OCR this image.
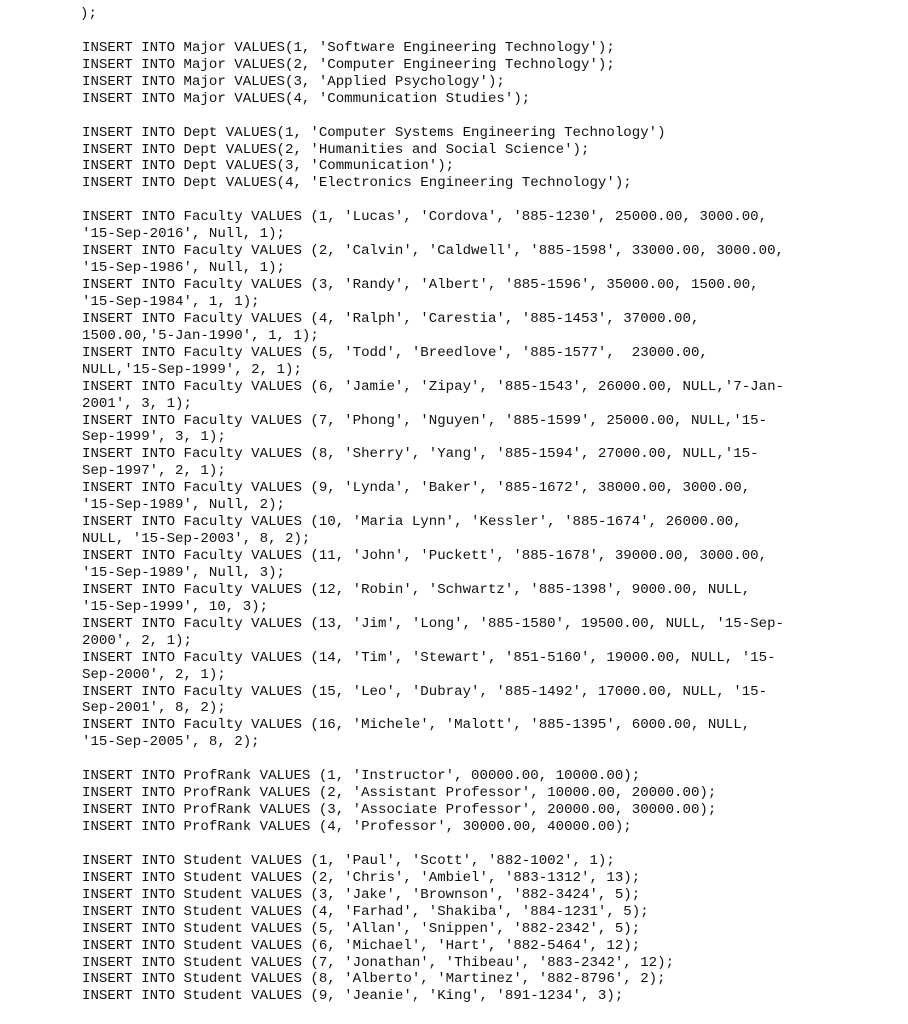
);
INSERT INTO Major VALUES(1, 'Software Engineering Technology');
INSERT INTO Major VALUES(2, 'Computer Engineering Technology');
INSERT INTO Major VALUES(3, 'Applied Psychology');
INSERT INTO Major VALUES(4, 'Communication Studies');
INSERT INTO Dept VALUES(1, 'Computer Systems Engineering Technology')
INSERT INTO Dept VALUES(2, 'Humanities and Social Science');
INSERT INTO Dept VALUES(3, 'Communication');
INSERT INTO Dept VALUES(4, 'Electronics Engineering Technology');
INSERT INTO Faculty VALUES (1, 'Lucas', 'Cordova', '885-1230', 25000.00, 3000.00,
'15-Sep-2016', Null, 1);
INSERT INTO Faculty VALUES (2, 'Calvin', 'Caldwell', '885-1598', 33000.00, 3000.00,
'15-Sep-1986', Null, 1);
INSERT INTO Faculty VALUES (3, 'Randy', 'Albert', '885-1596', 35000.00, 1500.00,
'15-Sep-1984', 1, 1);
INSERT INTO Faculty VALUES (4, 'Ralph', 'Carestia', '885-1453', 37000.00,
1500.00,'5-Jan-1990', 1, 1);
INSERT INTO Faculty VALUES (5, 'Todd', 'Breedlove', '885-1577',  23000.00,
NULL,'15-Sep-1999', 2, 1);
INSERT INTO Faculty VALUES (6, 'Jamie', 'Zipay', '885-1543', 26000.00, NULL,'7-Jan-
2001', 3, 1);
INSERT INTO Faculty VALUES (7, 'Phong', 'Nguyen', '885-1599', 25000.00, NULL,'15-
Sep-1999', 3, 1);
INSERT INTO Faculty VALUES (8, 'Sherry', 'Yang', '885-1594', 27000.00, NULL,'15-
Sep-1997', 2, 1);
INSERT INTO Faculty VALUES (9, 'Lynda', 'Baker', '885-1672', 38000.00, 3000.00,
'15-Sep-1989', Null, 2);
INSERT INTO Faculty VALUES (10, 'Maria Lynn', 'Kessler', '885-1674', 26000.00,
NULL, '15-Sep-2003', 8, 2);
INSERT INTO Faculty VALUES (11, 'John', 'Puckett', '885-1678', 39000.00, 3000.00,
'15-Sep-1989', Null, 3);
INSERT INTO Faculty VALUES (12, 'Robin', 'Schwartz', '885-1398', 9000.00, NULL,
'15-Sep-1999', 10, 3);
INSERT INTO Faculty VALUES (13, 'Jim', 'Long', '885-1580', 19500.00, NULL, '15-Sep-
2000', 2, 1);
INSERT INTO Faculty VALUES (14, 'Tim', 'Stewart', '851-5160', 19000.00, NULL, '15-
Sep-2000', 2, 1);
INSERT INTO Faculty VALUES (15, 'Leo', 'Dubray', '885-1492', 17000.00, NULL, '15-
Sep-2001', 8, 2);
INSERT INTO Faculty VALUES (16, 'Michele', 'Malott', '885-1395', 6000.00, NULL,
'15-Sep-2005', 8, 2);
INSERT INTO ProfRank VALUES (1, 'Instructor', 00000.00, 10000.00);
INSERT INTO ProfRank VALUES (2, 'Assistant Professor', 10000.00, 20000.00);
INSERT INTO ProfRank VALUES (3, 'Associate Professor', 20000.00, 30000.00);
INSERT INTO ProfRank VALUES (4, 'Professor', 30000.00, 40000.00);
INSERT INTO Student VALUES (1, 'Paul', 'Scott', '882-1002', 1);
INSERT INTO Student VALUES (2, 'Chris', 'Ambiel', '883-1312', 13);
INSERT INTO Student VALUES (3, 'Jake', 'Brownson', '882-3424', 5);
INSERT INTO Student VALUES (4, 'Farhad', 'Shakiba', '884-1231', 5);
INSERT INTO Student VALUES (5, 'Allan', 'Snippen', '882-2342', 5);
INSERT INTO Student VALUES (6, 'Michael', 'Hart', '882-5464', 12);
INSERT INTO Student VALUES (7, 'Jonathan', 'Thibeau', '883-2342', 12);
INSERT INTO Student VALUES (8, 'Alberto', 'Martinez', '882-8796', 2);
INSERT INTO Student VALUES (9, 'Jeanie', 'King', '891-1234', 3);
